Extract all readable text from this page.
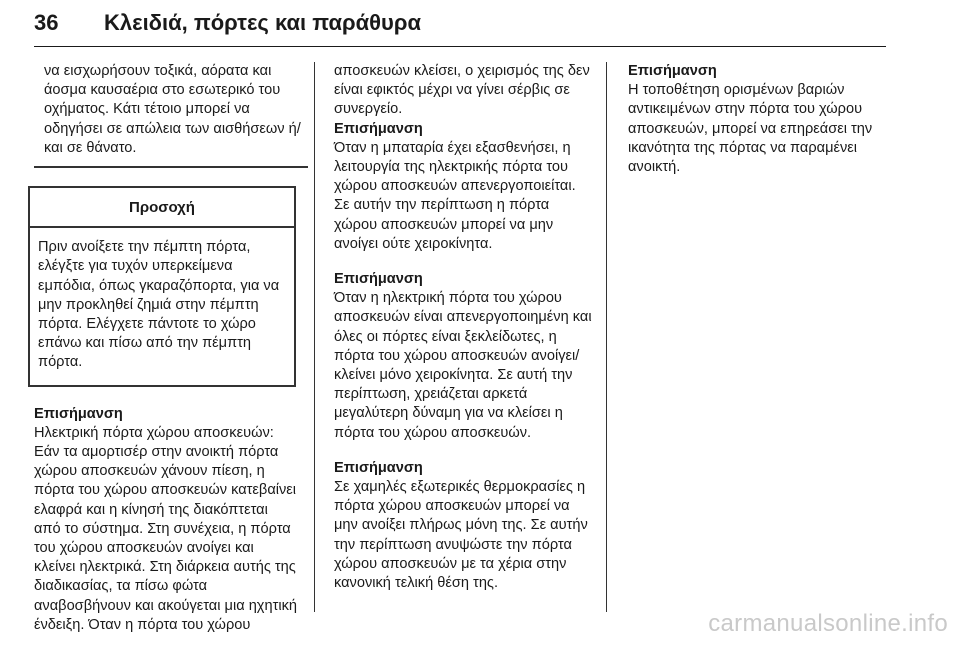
36 Κλειδιά, πόρτες και παράθυρα

να εισχωρήσουν τοξικά, αόρατα και άοσμα καυσαέρια στο εσωτερικό του οχήματος. Κάτι τέτοιο μπορεί να οδηγήσει σε απώλεια των αισθήσεων ή/και σε θάνατο.

Προσοχή
Πριν ανοίξετε την πέμπτη πόρτα, ελέγξτε για τυχόν υπερκείμενα εμπόδια, όπως γκαραζόπορτα, για να μην προκληθεί ζημιά στην πέμπτη πόρτα. Ελέγχετε πάντοτε το χώρο επάνω και πίσω από την πέμπτη πόρτα.

Επισήμανση

Ηλεκτρική πόρτα χώρου αποσκευών: Εάν τα αμορτισέρ στην ανοικτή πόρτα χώρου αποσκευών χάνουν πίεση, η πόρτα του χώρου αποσκευών κατεβαίνει ελαφρά και η κίνησή της διακόπτεται από το σύστημα. Στη συνέχεια, η πόρτα του χώρου αποσκευών ανοίγει και κλείνει ηλεκτρικά. Στη διάρκεια αυτής της διαδικασίας, τα πίσω φώτα αναβοσβήνουν και ακούγεται μια ηχητική ένδειξη. Όταν η πόρτα του χώρου

αποσκευών κλείσει, ο χειρισμός της δεν είναι εφικτός μέχρι να γίνει σέρβις σε συνεργείο.

Επισήμανση

Όταν η μπαταρία έχει εξασθενήσει, η λειτουργία της ηλεκτρικής πόρτα του χώρου αποσκευών απενεργοποιείται. Σε αυτήν την περίπτωση η πόρτα χώρου αποσκευών μπορεί να μην ανοίγει ούτε χειροκίνητα.

Επισήμανση

Όταν η ηλεκτρική πόρτα του χώρου αποσκευών είναι απενεργοποιημένη και όλες οι πόρτες είναι ξεκλείδωτες, η πόρτα του χώρου αποσκευών ανοίγει/κλείνει μόνο χειροκίνητα. Σε αυτή την περίπτωση, χρειάζεται αρκετά μεγαλύτερη δύναμη για να κλείσει η πόρτα του χώρου αποσκευών.

Επισήμανση

Σε χαμηλές εξωτερικές θερμοκρασίες η πόρτα χώρου αποσκευών μπορεί να μην ανοίξει πλήρως μόνη της. Σε αυτήν την περίπτωση ανυψώστε την πόρτα χώρου αποσκευών με τα χέρια στην κανονική τελική θέση της.

Επισήμανση

Η τοποθέτηση ορισμένων βαριών αντικειμένων στην πόρτα του χώρου αποσκευών, μπορεί να επηρεάσει την ικανότητα της πόρτας να παραμένει ανοικτή.

carmanualsonline.info
